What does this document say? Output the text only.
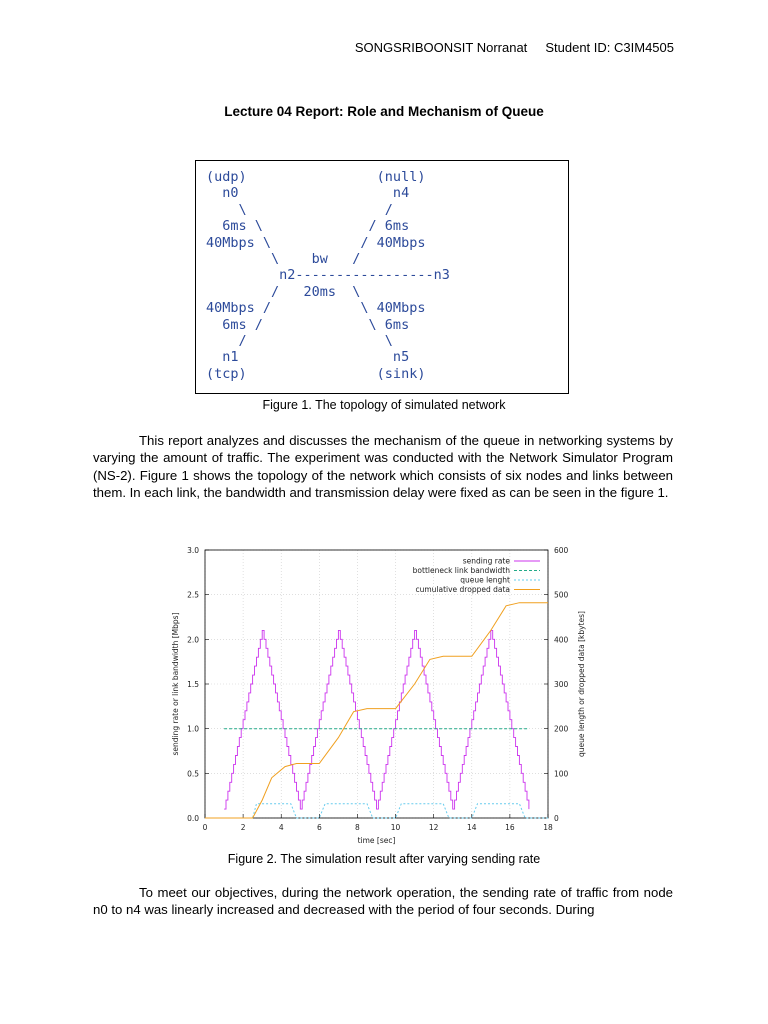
SONGSRIBOONSIT Norranat Student ID: C3IM4505
Lecture 04 Report: Role and Mechanism of Queue
(udp)                (null)
n0                   n4
\                 /
6ms \             / 6ms
40Mbps \           / 40Mbps
\    bw   /
n2-----------------n3
/   20ms  \
40Mbps /           \ 40Mbps
6ms /             \ 6ms
/                 \
n1                   n5
(tcp)                (sink)
Figure 1. The topology of simulated network

This report analyzes and discusses the mechanism of the queue in networking systems by varying the amount of traffic. The experiment was conducted with the Network Simulator Program (NS-2). Figure 1 shows the topology of the network which consists of six nodes and links between them. In each link, the bandwidth and transmission delay were fixed as can be seen in the figure 1.

0	2	4	6	8	10	12	14	16	18
0.0
0.5
1.0
1.5
2.0
2.5
3.0
0
100
200
300
400
500
600
time [sec]
sending rate or link bandwidth [Mbps]	queue length or dropped data [kbytes]
sending rate
bottleneck link bandwidth
queue lenght
cumulative dropped data
Figure 2. The simulation result after varying sending rate

To meet our objectives, during the network operation, the sending rate of traffic from node n0 to n4 was linearly increased and decreased with the period of four seconds. During
